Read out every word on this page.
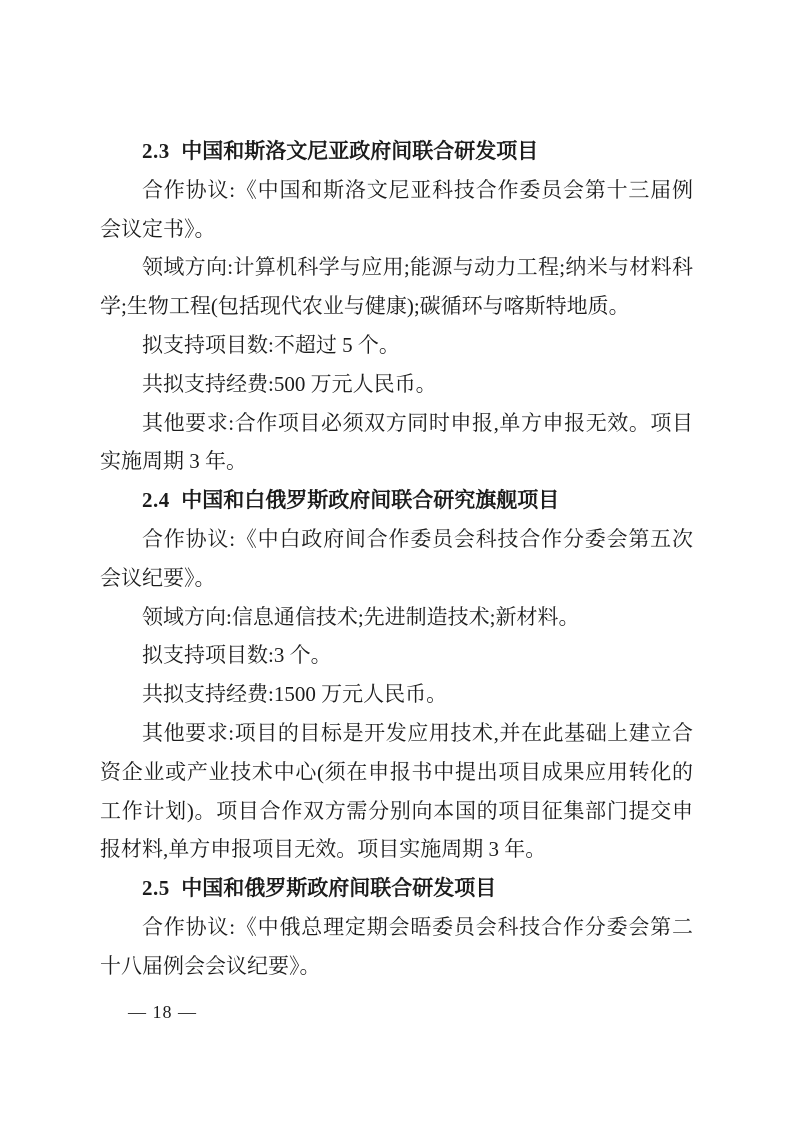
2.3 中国和斯洛文尼亚政府间联合研发项目

合作协议:《中国和斯洛文尼亚科技合作委员会第十三届例会议定书》。

领域方向:计算机科学与应用;能源与动力工程;纳米与材料科学;生物工程(包括现代农业与健康);碳循环与喀斯特地质。

拟支持项目数:不超过 5 个。

共拟支持经费:500 万元人民币。

其他要求:合作项目必须双方同时申报,单方申报无效。项目实施周期 3 年。

2.4 中国和白俄罗斯政府间联合研究旗舰项目

合作协议:《中白政府间合作委员会科技合作分委会第五次会议纪要》。

领域方向:信息通信技术;先进制造技术;新材料。

拟支持项目数:3 个。

共拟支持经费:1500 万元人民币。

其他要求:项目的目标是开发应用技术,并在此基础上建立合资企业或产业技术中心(须在申报书中提出项目成果应用转化的工作计划)。项目合作双方需分别向本国的项目征集部门提交申报材料,单方申报项目无效。项目实施周期 3 年。

2.5 中国和俄罗斯政府间联合研发项目

合作协议:《中俄总理定期会晤委员会科技合作分委会第二十八届例会会议纪要》。

— 18 —
